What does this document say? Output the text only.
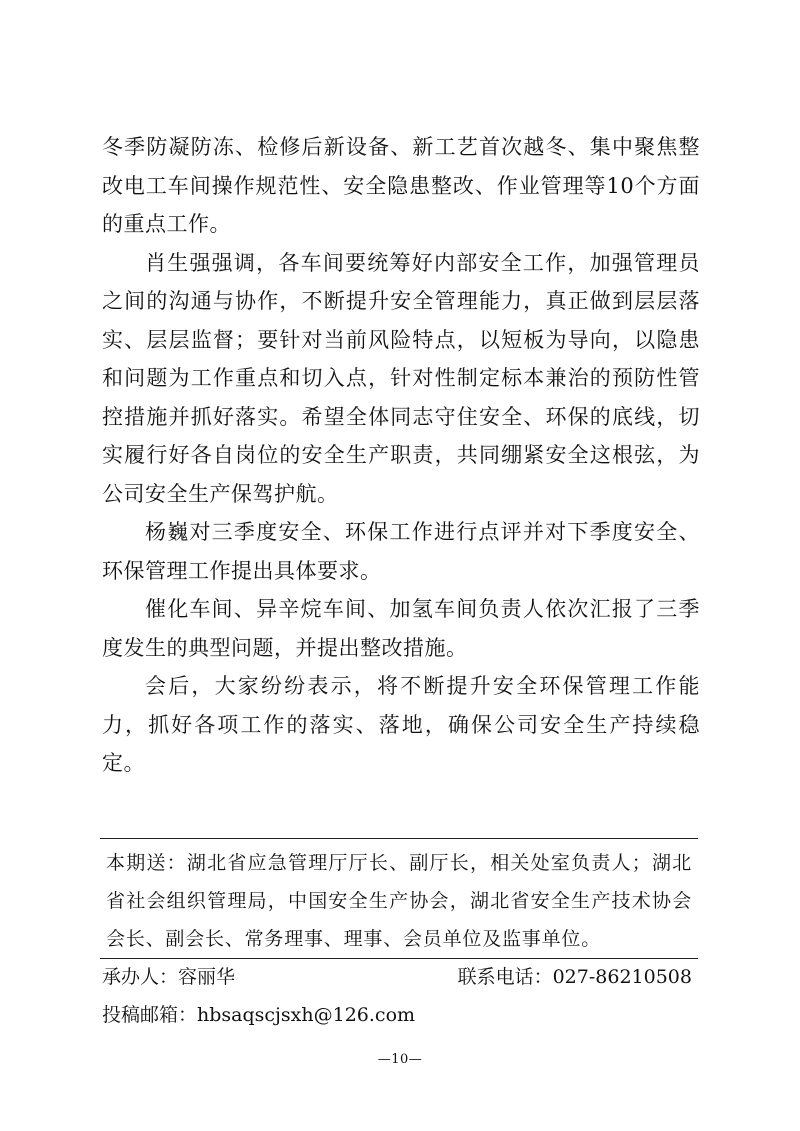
冬季防凝防冻、检修后新设备、新工艺首次越冬、集中聚焦整改电工车间操作规范性、安全隐患整改、作业管理等10个方面的重点工作。

肖生强强调，各车间要统筹好内部安全工作，加强管理员之间的沟通与协作，不断提升安全管理能力，真正做到层层落实、层层监督；要针对当前风险特点，以短板为导向，以隐患和问题为工作重点和切入点，针对性制定标本兼治的预防性管控措施并抓好落实。希望全体同志守住安全、环保的底线，切实履行好各自岗位的安全生产职责，共同绷紧安全这根弦，为公司安全生产保驾护航。

杨巍对三季度安全、环保工作进行点评并对下季度安全、环保管理工作提出具体要求。

催化车间、异辛烷车间、加氢车间负责人依次汇报了三季度发生的典型问题，并提出整改措施。

会后，大家纷纷表示，将不断提升安全环保管理工作能力，抓好各项工作的落实、落地，确保公司安全生产持续稳定。

本期送：湖北省应急管理厅厅长、副厅长，相关处室负责人；湖北省社会组织管理局，中国安全生产协会，湖北省安全生产技术协会会长、副会长、常务理事、理事、会员单位及监事单位。

承办人：容丽华	联系电话：027-86210508
投稿邮箱：hbsaqscjsxh@126.com
—10—
